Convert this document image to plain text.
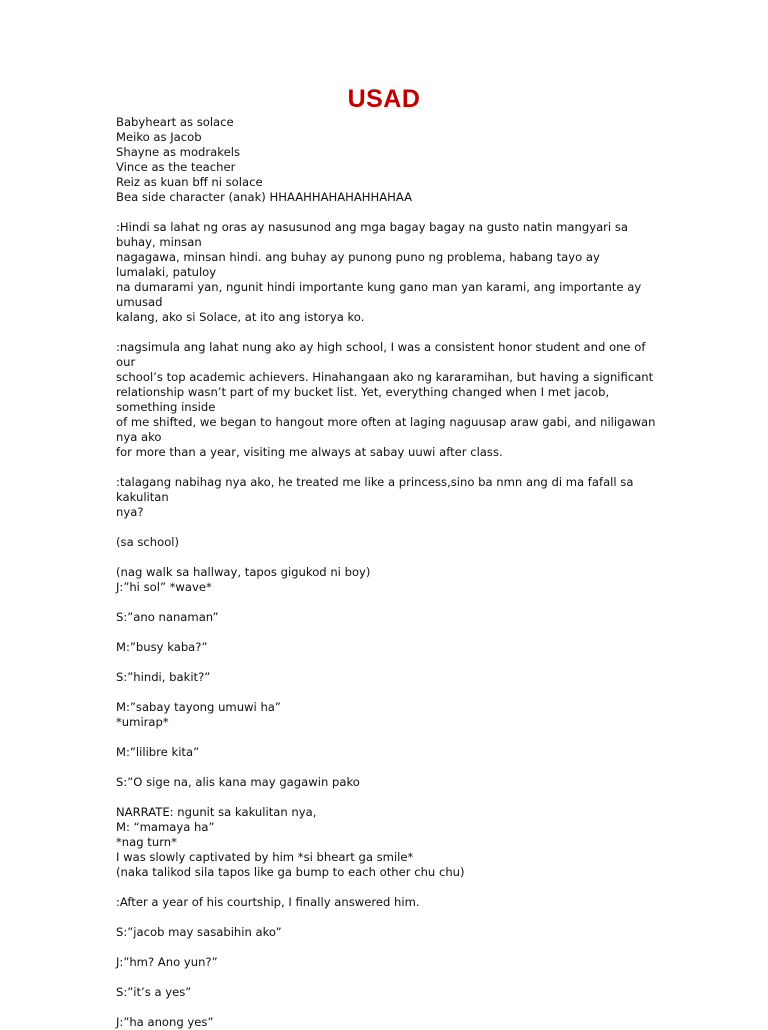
USAD

Babyheart as solace
Meiko as Jacob
Shayne as modrakels
Vince as the teacher
Reiz as kuan bff ni solace
Bea side character (anak) HHAAHHAHAHAHHAHAA

:Hindi sa lahat ng oras ay nasusunod ang mga bagay bagay na gusto natin mangyari sa buhay, minsan
nagagawa, minsan hindi. ang buhay ay punong puno ng problema, habang tayo ay lumalaki, patuloy
na dumarami yan, ngunit hindi importante kung gano man yan karami, ang importante ay umusad
kalang, ako si Solace, at ito ang istorya ko.

:nagsimula ang lahat nung ako ay high school, I was a consistent honor student and one of our
school’s top academic achievers. Hinahangaan ako ng kararamihan, but having a significant
relationship wasn’t part of my bucket list. Yet, everything changed when I met jacob, something inside
of me shifted, we began to hangout more often at laging naguusap araw gabi, and niligawan nya ako
for more than a year, visiting me always at sabay uuwi after class.

:talagang nabihag nya ako, he treated me like a princess,sino ba nmn ang di ma fafall sa kakulitan
nya?

(sa school)

(nag walk sa hallway, tapos gigukod ni boy)
J:”hi sol” *wave*

S:”ano nanaman”

M:”busy kaba?”

S:”hindi, bakit?”

M:”sabay tayong umuwi ha”
*umirap*

M:”lilibre kita”

S:”O sige na, alis kana may gagawin pako

NARRATE: ngunit sa kakulitan nya,
M: “mamaya ha”
*nag turn*
I was slowly captivated by him *si bheart ga smile*
(naka talikod sila tapos like ga bump to each other chu chu)

:After a year of his courtship, I finally answered him.

S:”jacob may sasabihin ako”

J:”hm? Ano yun?”

S:”it’s a yes”

J:”ha anong yes”
